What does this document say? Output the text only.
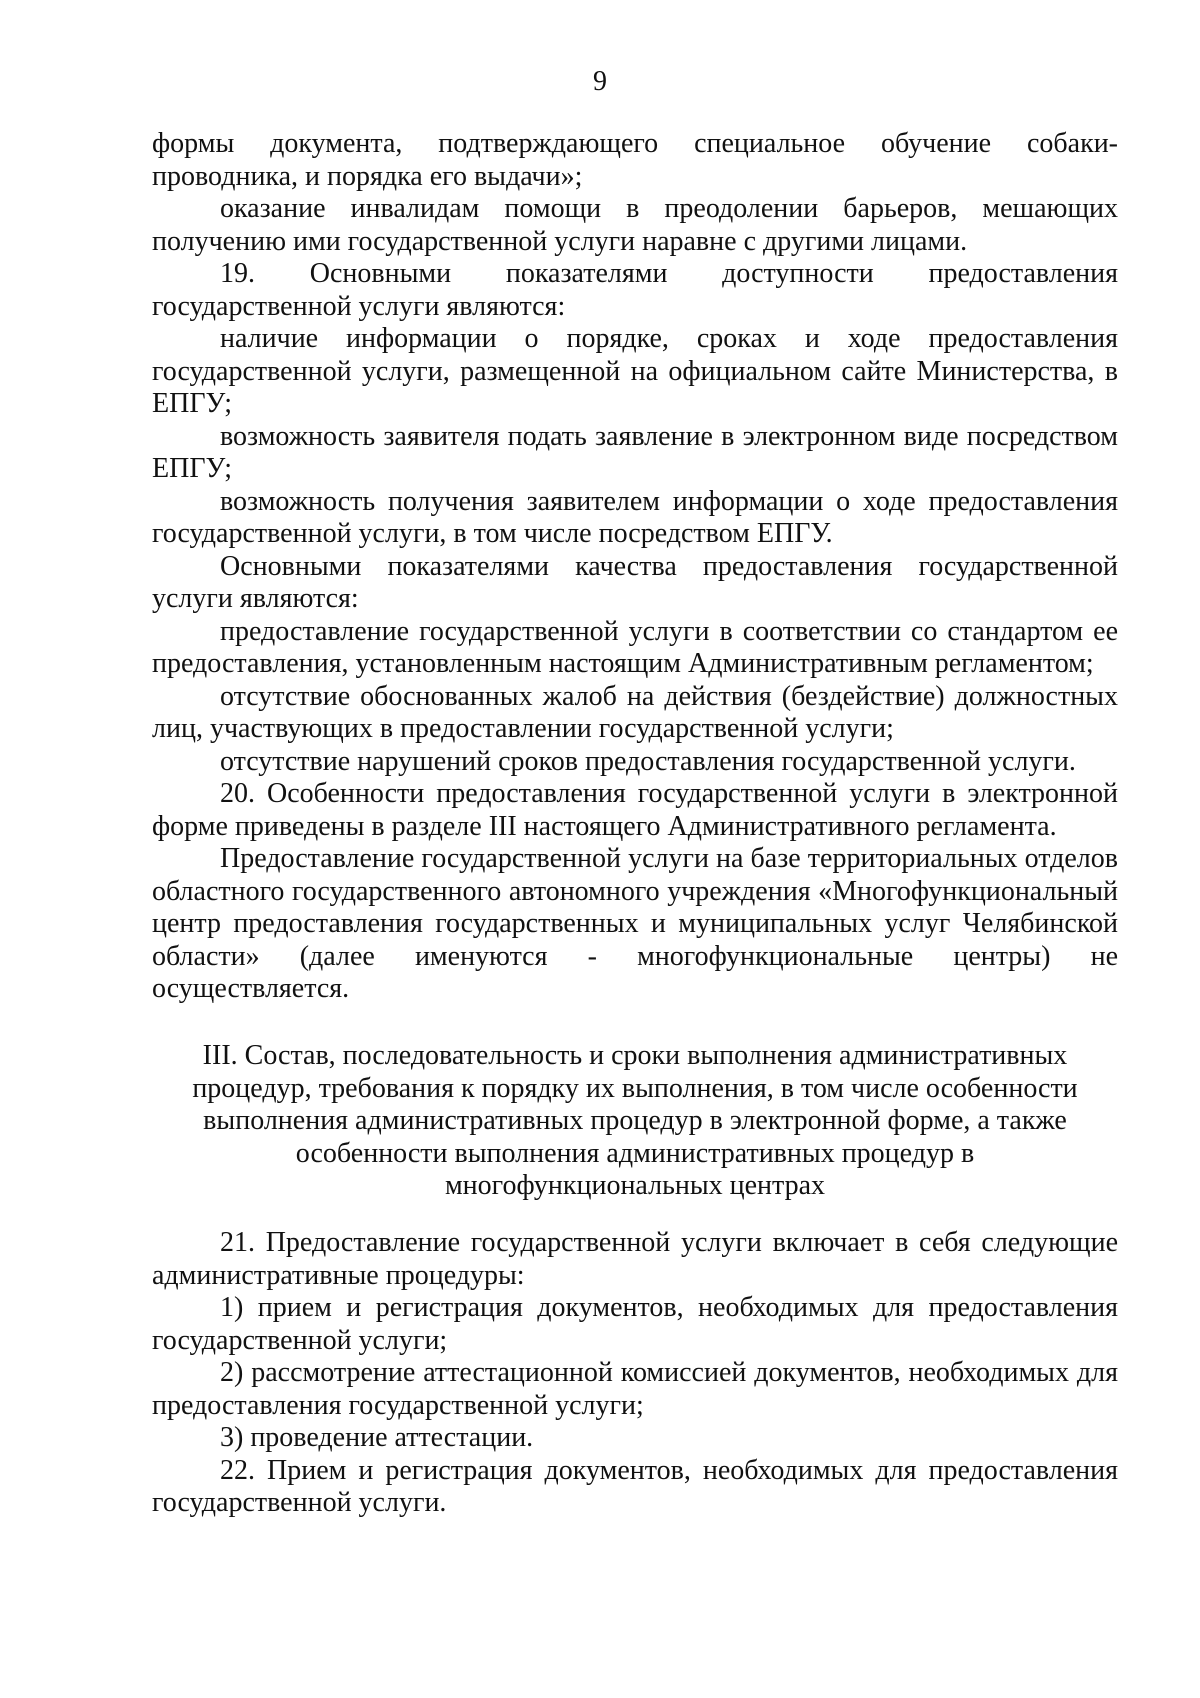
9

формы документа, подтверждающего специальное обучение собаки-проводника, и порядка его выдачи»;

оказание инвалидам помощи в преодолении барьеров, мешающих получению ими государственной услуги наравне с другими лицами.

19. Основными показателями доступности предоставления государственной услуги являются:

наличие информации о порядке, сроках и ходе предоставления государственной услуги, размещенной на официальном сайте Министерства, в ЕПГУ;

возможность заявителя подать заявление в электронном виде посредством ЕПГУ;

возможность получения заявителем информации о ходе предоставления государственной услуги, в том числе посредством ЕПГУ.

Основными показателями качества предоставления государственной услуги являются:

предоставление государственной услуги в соответствии со стандартом ее предоставления, установленным настоящим Административным регламентом;

отсутствие обоснованных жалоб на действия (бездействие) должностных лиц, участвующих в предоставлении государственной услуги;

отсутствие нарушений сроков предоставления государственной услуги.

20. Особенности предоставления государственной услуги в электронной форме приведены в разделе III настоящего Административного регламента.

Предоставление государственной услуги на базе территориальных отделов областного государственного автономного учреждения «Многофункциональный центр предоставления государственных и муниципальных услуг Челябинской области» (далее именуются - многофункциональные центры) не осуществляется.

III. Состав, последовательность и сроки выполнения административных
процедур, требования к порядку их выполнения, в том числе особенности
выполнения административных процедур в электронной форме, а также
особенности выполнения административных процедур в
многофункциональных центрах

21. Предоставление государственной услуги включает в себя следующие административные процедуры:

1) прием и регистрация документов, необходимых для предоставления государственной услуги;

2) рассмотрение аттестационной комиссией документов, необходимых для предоставления государственной услуги;

3) проведение аттестации.

22. Прием и регистрация документов, необходимых для предоставления государственной услуги.
